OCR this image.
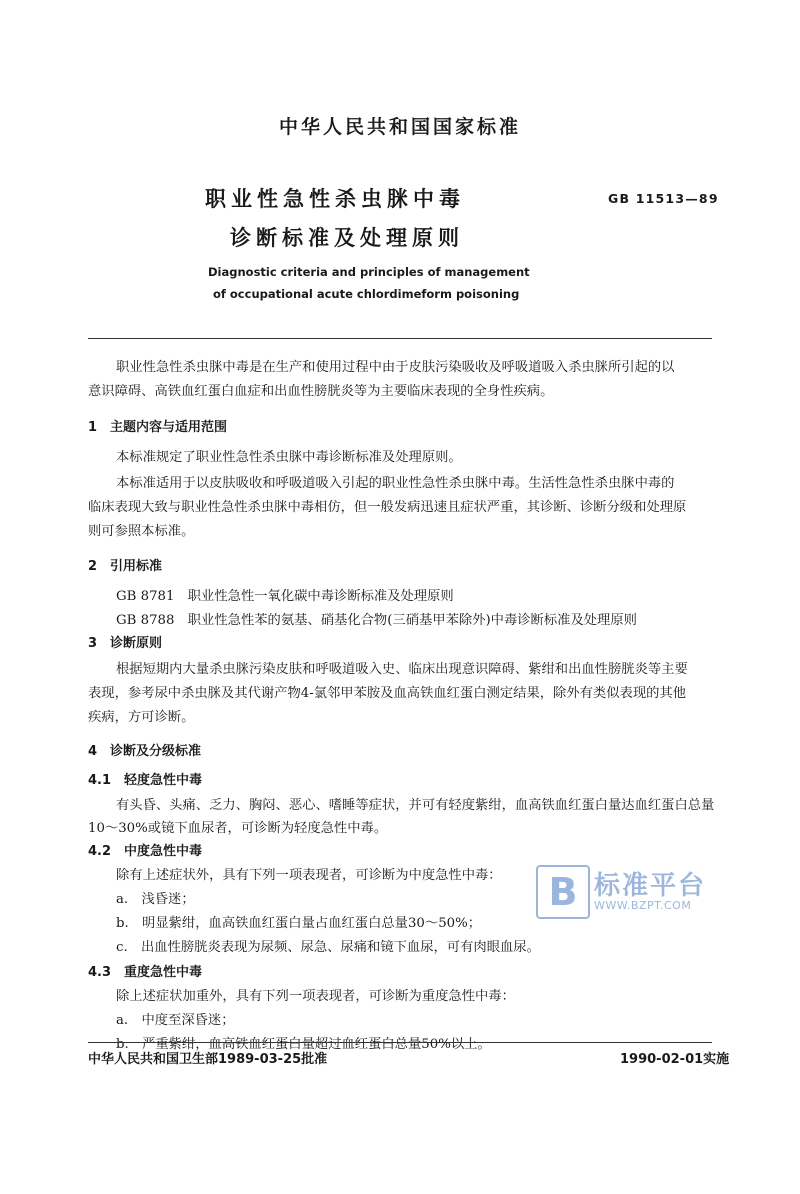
中华人民共和国国家标准
职业性急性杀虫脒中毒	GB 11513—89
诊断标准及处理原则
Diagnostic criteria and principles of management
of occupational acute chlordimeform poisoning
职业性急性杀虫脒中毒是在生产和使用过程中由于皮肤污染吸收及呼吸道吸入杀虫脒所引起的以
意识障碍、高铁血红蛋白血症和出血性膀胱炎等为主要临床表现的全身性疾病。
1　主题内容与适用范围
本标准规定了职业性急性杀虫脒中毒诊断标准及处理原则。
本标准适用于以皮肤吸收和呼吸道吸入引起的职业性急性杀虫脒中毒。生活性急性杀虫脒中毒的
临床表现大致与职业性急性杀虫脒中毒相仿，但一般发病迅速且症状严重，其诊断、诊断分级和处理原
则可参照本标准。
2　引用标准
GB 8781　职业性急性一氧化碳中毒诊断标准及处理原则
GB 8788　职业性急性苯的氨基、硝基化合物(三硝基甲苯除外)中毒诊断标准及处理原则
3　诊断原则
根据短期内大量杀虫脒污染皮肤和呼吸道吸入史、临床出现意识障碍、紫绀和出血性膀胱炎等主要
表现，参考尿中杀虫脒及其代谢产物4-氯邻甲苯胺及血高铁血红蛋白测定结果，除外有类似表现的其他
疾病，方可诊断。
4　诊断及分级标准
4.1　轻度急性中毒
有头昏、头痛、乏力、胸闷、恶心、嗜睡等症状，并可有轻度紫绀，血高铁血红蛋白量达血红蛋白总量
10～30%或镜下血尿者，可诊断为轻度急性中毒。
4.2　中度急性中毒
除有上述症状外，具有下列一项表现者，可诊断为中度急性中毒：
a.　浅昏迷；
b.　明显紫绀，血高铁血红蛋白量占血红蛋白总量30～50%；
c.　出血性膀胱炎表现为尿频、尿急、尿痛和镜下血尿，可有肉眼血尿。
4.3　重度急性中毒
除上述症状加重外，具有下列一项表现者，可诊断为重度急性中毒：
a.　中度至深昏迷；
b.　严重紫绀，血高铁血红蛋白量超过血红蛋白总量50%以上。
B 标准平台
WWW.BZPT.COM
中华人民共和国卫生部1989-03-25批准	1990-02-01实施
